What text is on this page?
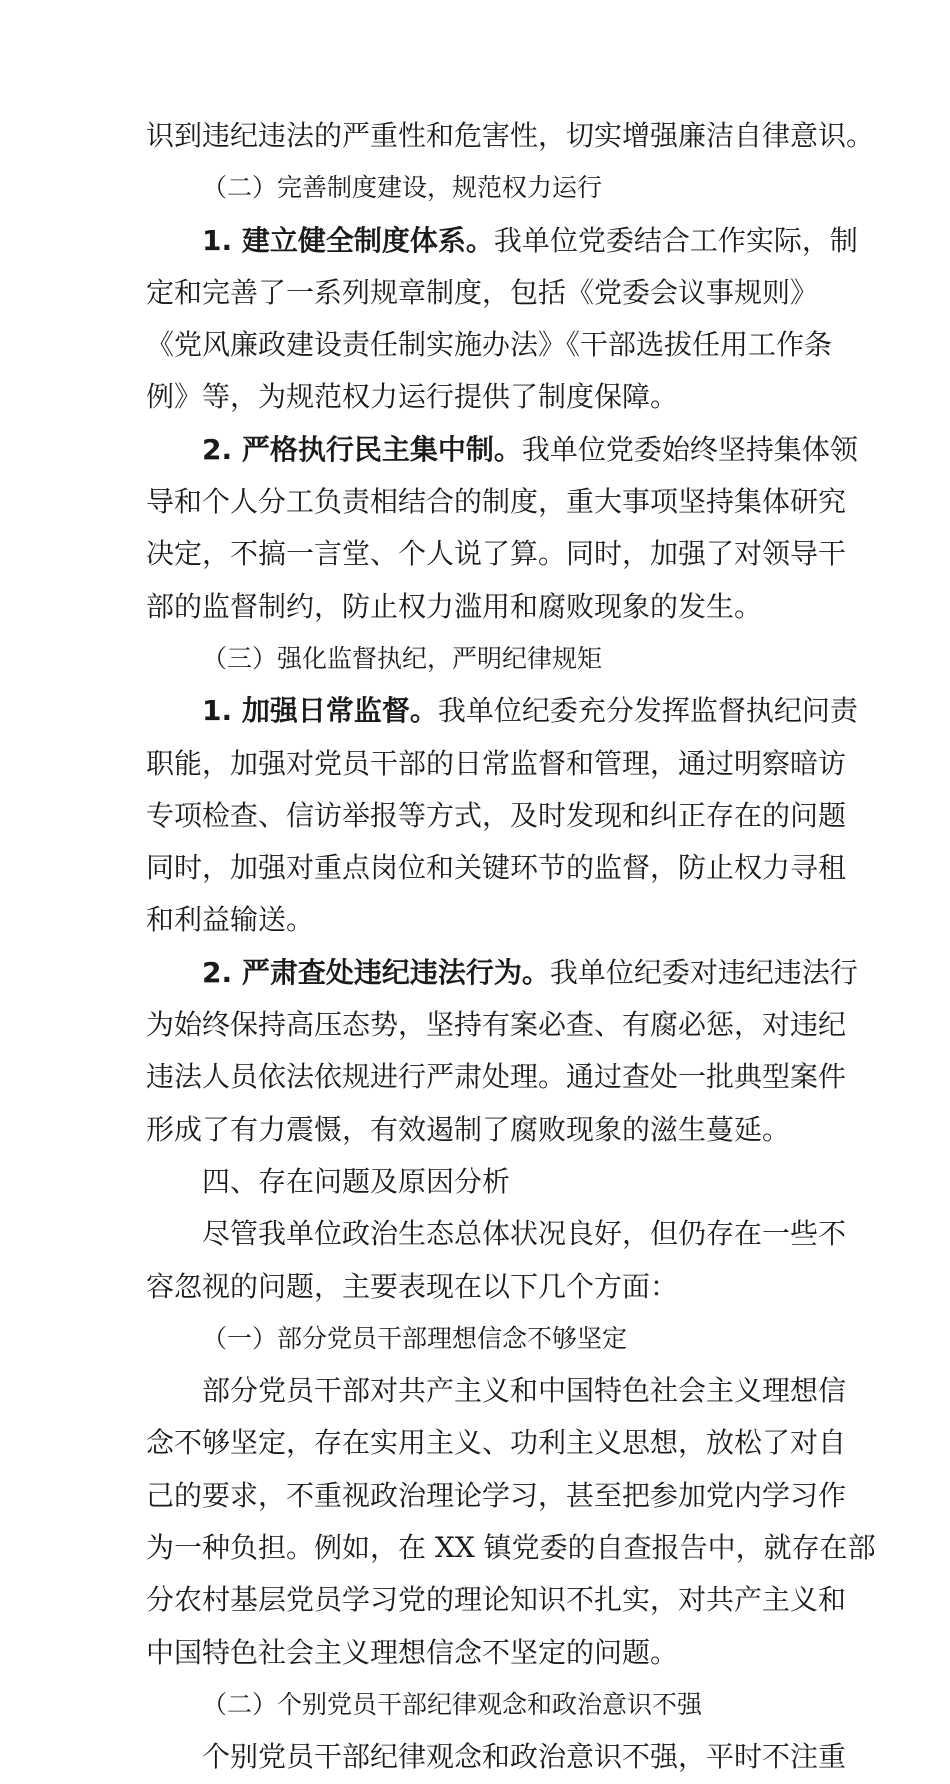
识到违纪违法的严重性和危害性，切实增强廉洁自律意识。
（二）完善制度建设，规范权力运行
1. 建立健全制度体系。我单位党委结合工作实际，制
定和完善了一系列规章制度，包括《党委会议事规则》
《党风廉政建设责任制实施办法》《干部选拔任用工作条
例》等，为规范权力运行提供了制度保障。
2. 严格执行民主集中制。我单位党委始终坚持集体领
导和个人分工负责相结合的制度，重大事项坚持集体研究
决定，不搞一言堂、个人说了算。同时，加强了对领导干
部的监督制约，防止权力滥用和腐败现象的发生。
（三）强化监督执纪，严明纪律规矩
1. 加强日常监督。我单位纪委充分发挥监督执纪问责
职能，加强对党员干部的日常监督和管理，通过明察暗访
专项检查、信访举报等方式，及时发现和纠正存在的问题
同时，加强对重点岗位和关键环节的监督，防止权力寻租
和利益输送。
2. 严肃查处违纪违法行为。我单位纪委对违纪违法行
为始终保持高压态势，坚持有案必查、有腐必惩，对违纪
违法人员依法依规进行严肃处理。通过查处一批典型案件
形成了有力震慑，有效遏制了腐败现象的滋生蔓延。
四、存在问题及原因分析
尽管我单位政治生态总体状况良好，但仍存在一些不
容忽视的问题，主要表现在以下几个方面：
（一）部分党员干部理想信念不够坚定
部分党员干部对共产主义和中国特色社会主义理想信
念不够坚定，存在实用主义、功利主义思想，放松了对自
己的要求，不重视政治理论学习，甚至把参加党内学习作
为一种负担。例如，在 XX 镇党委的自查报告中，就存在部
分农村基层党员学习党的理论知识不扎实，对共产主义和
中国特色社会主义理想信念不坚定的问题。
（二）个别党员干部纪律观念和政治意识不强
个别党员干部纪律观念和政治意识不强，平时不注重
